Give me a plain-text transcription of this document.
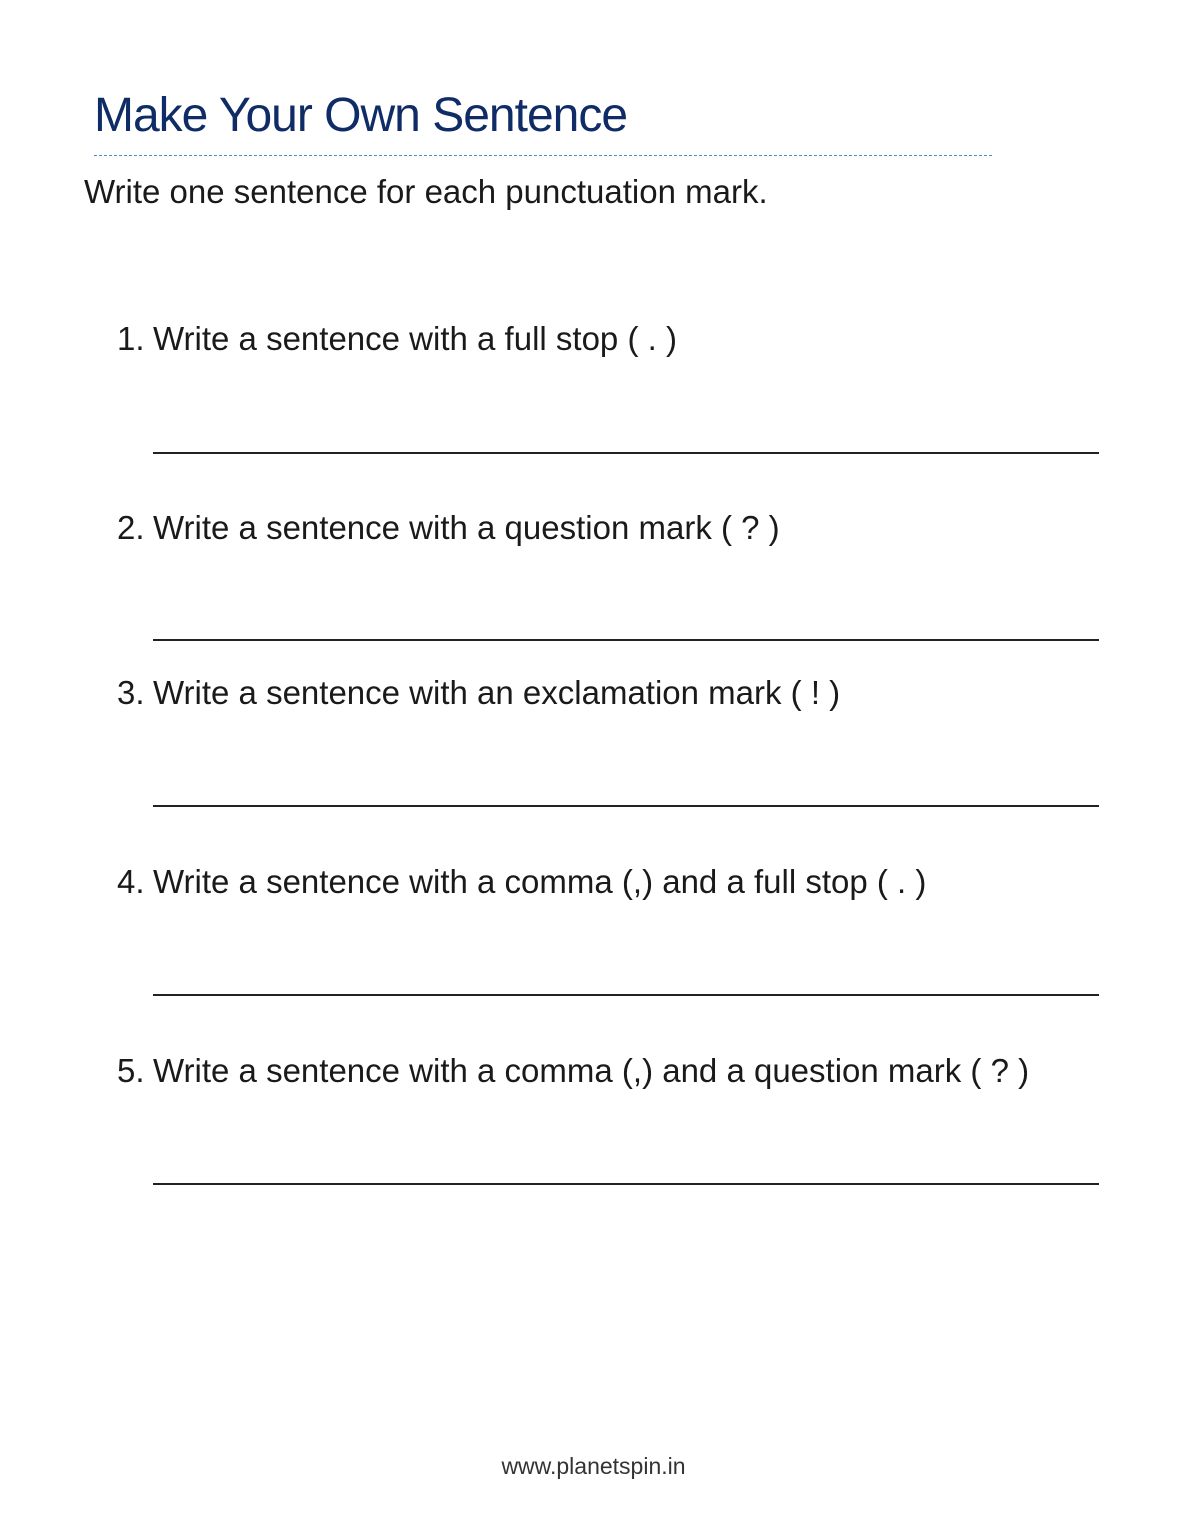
Make Your Own Sentence

Write one sentence for each punctuation mark.

1. Write a sentence with a full stop ( . )
2. Write a sentence with a question mark ( ? )
3. Write a sentence with an exclamation mark ( ! )
4. Write a sentence with a comma (,) and a full stop ( . )
5. Write a sentence with a comma (,) and a question mark ( ? )
www.planetspin.in
